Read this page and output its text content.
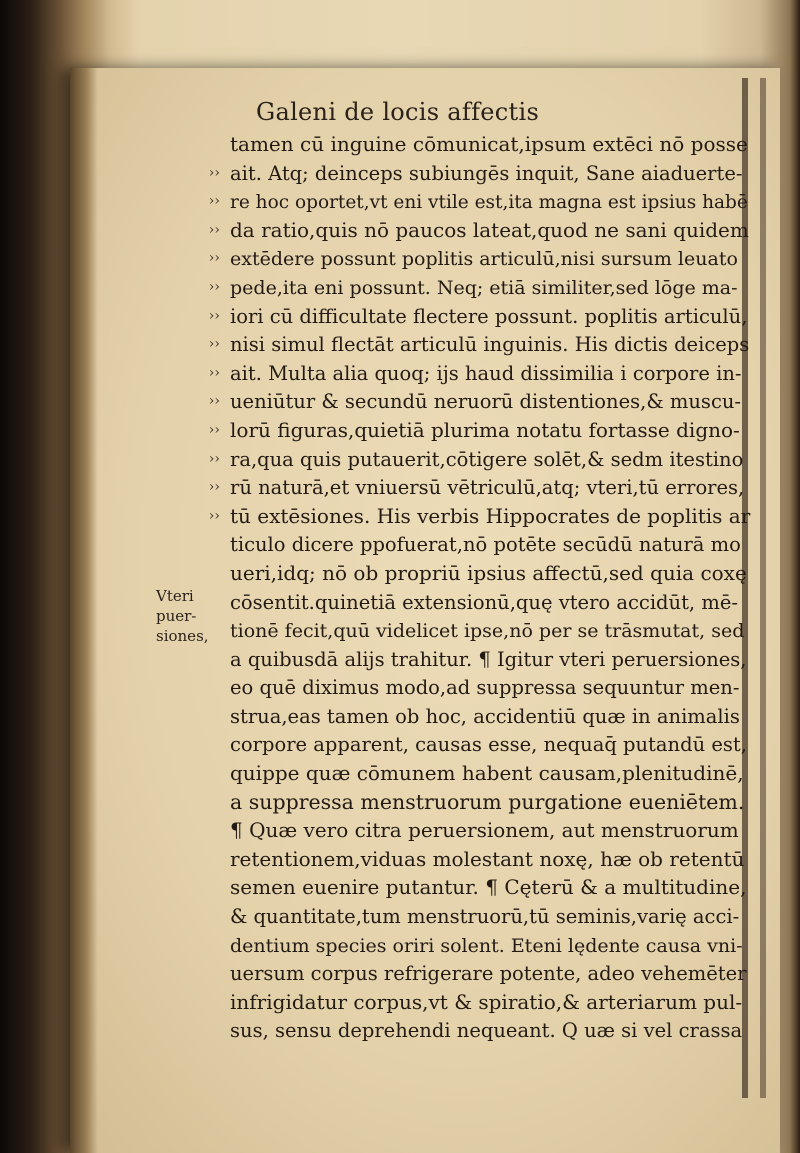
Galeni de locis affectis
Vteri puer- siones,
tamen cū inguine cōmunicat,ipsum extēci nō posse
›› ait. Atq; deinceps subiungēs inquit, Sane aiaduerte-
›› re hoc oportet,vt eni vtile est,ita magna est ipsius habē
›› da ratio,quis nō paucos lateat,quod ne sani quidem
›› extēdere possunt poplitis articulū,nisi sursum leuato
›› pede,ita eni possunt. Neq; etiā similiter,sed lōge ma-
›› iori cū difficultate flectere possunt. poplitis articulū,
›› nisi simul flectāt articulū inguinis. His dictis deiceps
›› ait. Multa alia quoq; ijs haud dissimilia i corpore in-
›› ueniūtur & secundū neruorū distentiones,& muscu-
›› lorū figuras,quietiā plurima notatu fortasse digno-
›› ra,qua quis putauerit,cōtigere solēt,& sedm itestino
›› rū naturā,et vniuersū vētriculū,atq; vteri,tū errores,
›› tū extēsiones. His verbis Hippocrates de poplitis ar
ticulo dicere ppofuerat,nō potēte secūdū naturā mo
ueri,idq; nō ob propriū ipsius affectū,sed quia coxę
cōsentit.quinetiā extensionū,quę vtero accidūt, mē-
tionē fecit,quū videlicet ipse,nō per se trāsmutat, sed
a quibusdā alijs trahitur. ¶ Igitur vteri peruersiones,
eo quē diximus modo,ad suppressa sequuntur men-
strua,eas tamen ob hoc, accidentiū quæ in animalis
corpore apparent, causas esse, nequaq̄ putandū est,
quippe quæ cōmunem habent causam,plenitudinē,
a suppressa menstruorum purgatione eueniētem.
¶ Quæ vero citra peruersionem, aut menstruorum
retentionem,viduas molestant noxę, hæ ob retentū
semen euenire putantur. ¶ Cęterū & a multitudine,
& quantitate,tum menstruorū,tū seminis,varię acci-
dentium species oriri solent. Eteni lędente causa vni-
uersum corpus refrigerare potente, adeo vehemēter
infrigidatur corpus,vt & spiratio,& arteriarum pul-
sus, sensu deprehendi nequeant. Q uæ si vel crassa
